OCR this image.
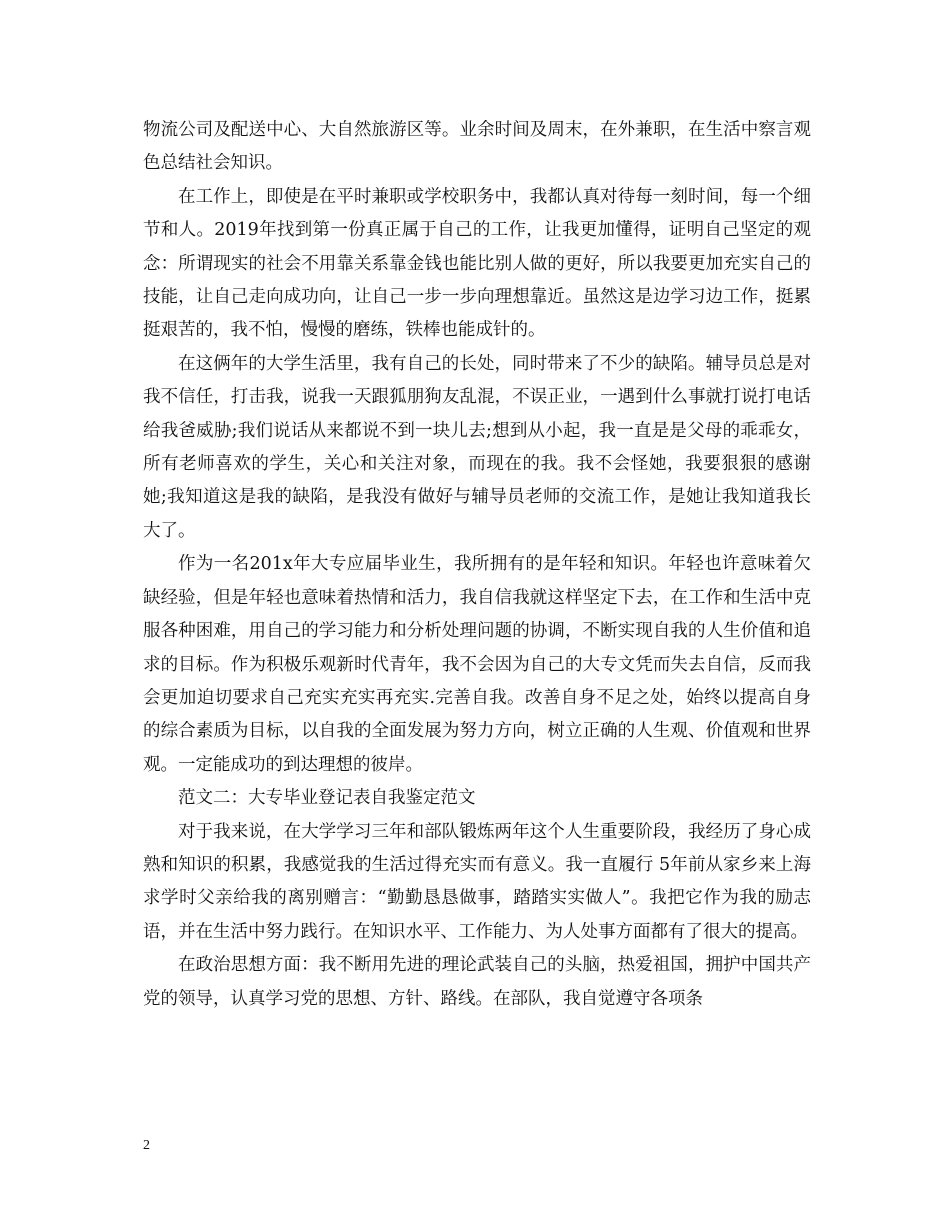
物流公司及配送中心、大自然旅游区等。业余时间及周末，在外兼职，在生活中察言观色总结社会知识。

在工作上，即使是在平时兼职或学校职务中，我都认真对待每一刻时间，每一个细节和人。2019年找到第一份真正属于自己的工作，让我更加懂得，证明自己坚定的观念：所谓现实的社会不用靠关系靠金钱也能比别人做的更好，所以我要更加充实自己的技能，让自己走向成功向，让自己一步一步向理想靠近。虽然这是边学习边工作，挺累挺艰苦的，我不怕，慢慢的磨练，铁棒也能成针的。

在这俩年的大学生活里，我有自己的长处，同时带来了不少的缺陷。辅导员总是对我不信任，打击我，说我一天跟狐朋狗友乱混，不误正业，一遇到什么事就打说打电话给我爸威胁;我们说话从来都说不到一块儿去;想到从小起，我一直是是父母的乖乖女，所有老师喜欢的学生，关心和关注对象，而现在的我。我不会怪她，我要狠狠的感谢她;我知道这是我的缺陷，是我没有做好与辅导员老师的交流工作，是她让我知道我长大了。

作为一名201x年大专应届毕业生，我所拥有的是年轻和知识。年轻也许意味着欠缺经验，但是年轻也意味着热情和活力，我自信我就这样坚定下去，在工作和生活中克服各种困难，用自己的学习能力和分析处理问题的协调，不断实现自我的人生价值和追求的目标。作为积极乐观新时代青年，我不会因为自己的大专文凭而失去自信，反而我会更加迫切要求自己充实充实再充实.完善自我。改善自身不足之处，始终以提高自身的综合素质为目标，以自我的全面发展为努力方向，树立正确的人生观、价值观和世界观。一定能成功的到达理想的彼岸。

范文二：大专毕业登记表自我鉴定范文

对于我来说，在大学学习三年和部队锻炼两年这个人生重要阶段，我经历了身心成熟和知识的积累，我感觉我的生活过得充实而有意义。我一直履行 5年前从家乡来上海求学时父亲给我的离别赠言：“勤勤恳恳做事，踏踏实实做人”。我把它作为我的励志语，并在生活中努力践行。在知识水平、工作能力、为人处事方面都有了很大的提高。

在政治思想方面：我不断用先进的理论武装自己的头脑，热爱祖国，拥护中国共产党的领导，认真学习党的思想、方针、路线。在部队，我自觉遵守各项条

2
